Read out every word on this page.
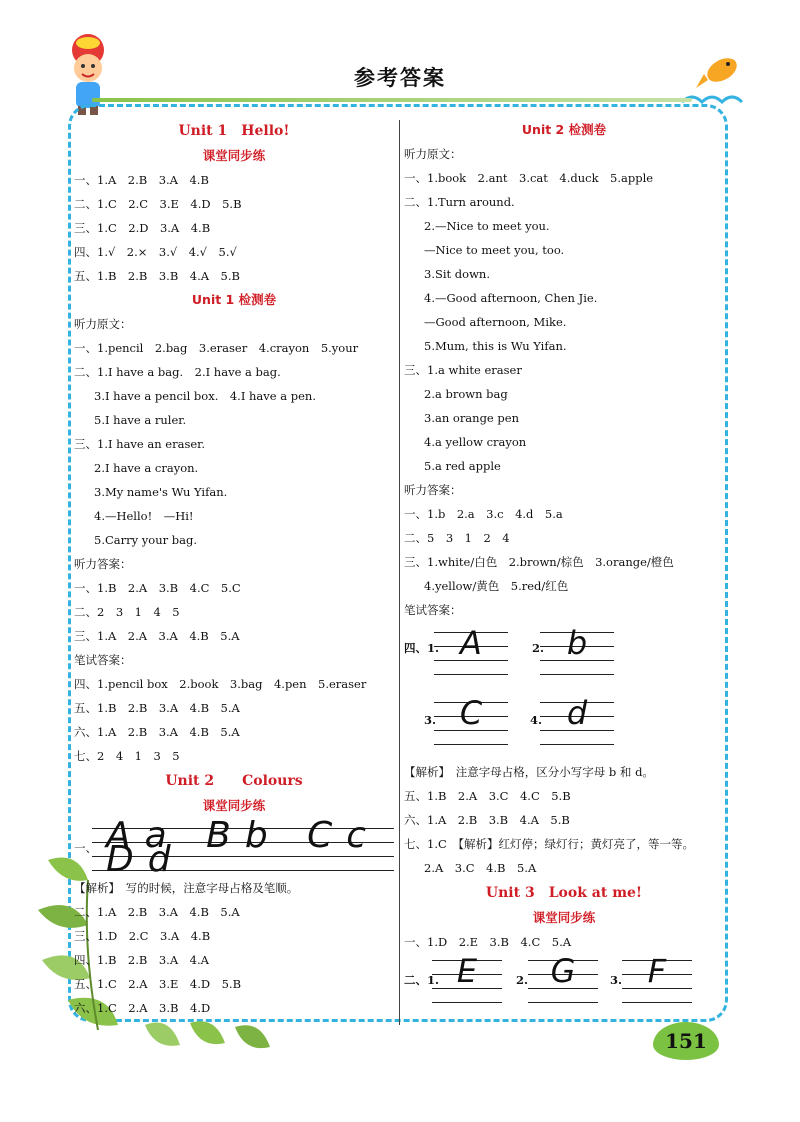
参考答案
Unit 1　Hello!
课堂同步练
一、1.A　2.B　3.A　4.B
二、1.C　2.C　3.E　4.D　5.B
三、1.C　2.D　3.A　4.B
四、1.√　2.×　3.√　4.√　5.√
五、1.B　2.B　3.B　4.A　5.B
Unit 1 检测卷
听力原文：
一、1.pencil　2.bag　3.eraser　4.crayon　5.your
二、1.I have a bag.　2.I have a bag.
3.I have a pencil box.　4.I have a pen.
5.I have a ruler.
三、1.I have an eraser.
2.I have a crayon.
3.My name's Wu Yifan.
4.—Hello!　—Hi!
5.Carry your bag.
听力答案：
一、1.B　2.A　3.B　4.C　5.C
二、2　3　1　4　5
三、1.A　2.A　3.A　4.B　5.A
笔试答案：
四、1.pencil box　2.book　3.bag　4.pen　5.eraser
五、1.B　2.B　3.A　4.B　5.A
六、1.A　2.B　3.A　4.B　5.A
七、2　4　1　3　5
Unit 2　　Colours
课堂同步练
一、 Aa Bb Cc Dd
【解析】　写的时候，注意字母占格及笔顺。
二、1.A　2.B　3.A　4.B　5.A
三、1.D　2.C　3.A　4.B
四、1.B　2.B　3.A　4.A
五、1.C　2.A　3.E　4.D　5.B
六、1.C　2.A　3.B　4.D
Unit 2 检测卷
听力原文：
一、1.book　2.ant　3.cat　4.duck　5.apple
二、1.Turn around.
2.—Nice to meet you.
—Nice to meet you, too.
3.Sit down.
4.—Good afternoon, Chen Jie.
—Good afternoon, Mike.
5.Mum, this is Wu Yifan.
三、1.a white eraser
2.a brown bag
3.an orange pen
4.a yellow crayon
5.a red apple
听力答案：
一、1.b　2.a　3.c　4.d　5.a
二、5　3　1　2　4
三、1.white/白色　2.brown/棕色　3.orange/橙色
4.yellow/黄色　5.red/红色
笔试答案：
四、1. A	2. b
3. C	4. d
【解析】　注意字母占格，区分小写字母 b 和 d。
五、1.B　2.A　3.C　4.C　5.B
六、1.A　2.B　3.B　4.A　5.B
七、1.C　【解析】红灯停；绿灯行；黄灯亮了，等一等。
2.A　3.C　4.B　5.A
Unit 3　Look at me!
课堂同步练
一、1.D　2.E　3.B　4.C　5.A
二、1. E	2. G	3. F
151
